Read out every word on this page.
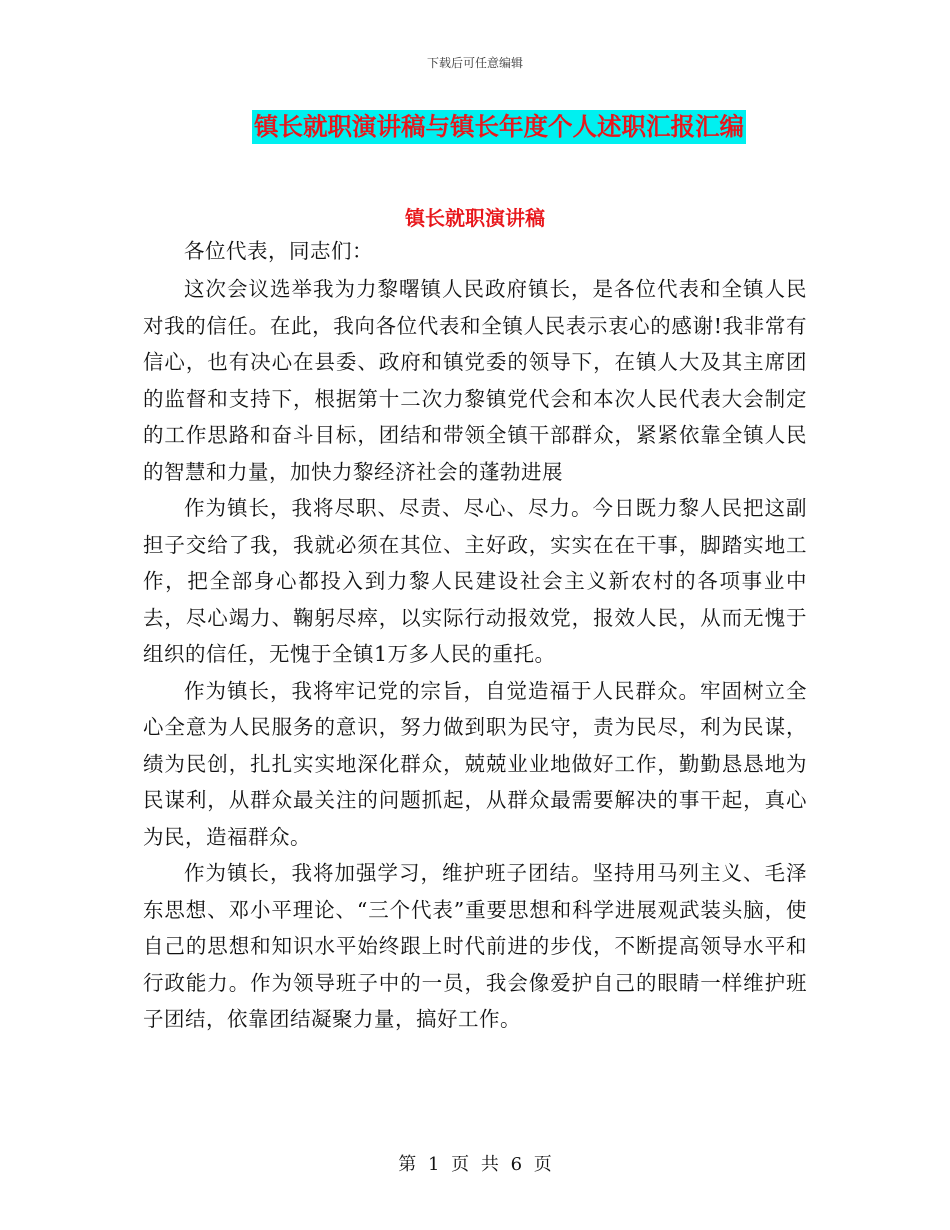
下载后可任意编辑
镇长就职演讲稿与镇长年度个人述职汇报汇编
镇长就职演讲稿

各位代表，同志们：

这次会议选举我为力黎曙镇人民政府镇长，是各位代表和全镇人民对我的信任。在此，我向各位代表和全镇人民表示衷心的感谢!我非常有信心，也有决心在县委、政府和镇党委的领导下，在镇人大及其主席团的监督和支持下，根据第十二次力黎镇党代会和本次人民代表大会制定的工作思路和奋斗目标，团结和带领全镇干部群众，紧紧依靠全镇人民的智慧和力量，加快力黎经济社会的蓬勃进展

作为镇长，我将尽职、尽责、尽心、尽力。今日既力黎人民把这副担子交给了我，我就必须在其位、主好政，实实在在干事，脚踏实地工作，把全部身心都投入到力黎人民建设社会主义新农村的各项事业中去，尽心竭力、鞠躬尽瘁，以实际行动报效党，报效人民，从而无愧于组织的信任，无愧于全镇1万多人民的重托。

作为镇长，我将牢记党的宗旨，自觉造福于人民群众。牢固树立全心全意为人民服务的意识，努力做到职为民守，责为民尽，利为民谋，绩为民创，扎扎实实地深化群众，兢兢业业地做好工作，勤勤恳恳地为民谋利，从群众最关注的问题抓起，从群众最需要解决的事干起，真心为民，造福群众。

作为镇长，我将加强学习，维护班子团结。坚持用马列主义、毛泽东思想、邓小平理论、“三个代表”重要思想和科学进展观武装头脑，使自己的思想和知识水平始终跟上时代前进的步伐，不断提高领导水平和行政能力。作为领导班子中的一员，我会像爱护自己的眼睛一样维护班子团结，依靠团结凝聚力量，搞好工作。

第 1 页 共 6 页
